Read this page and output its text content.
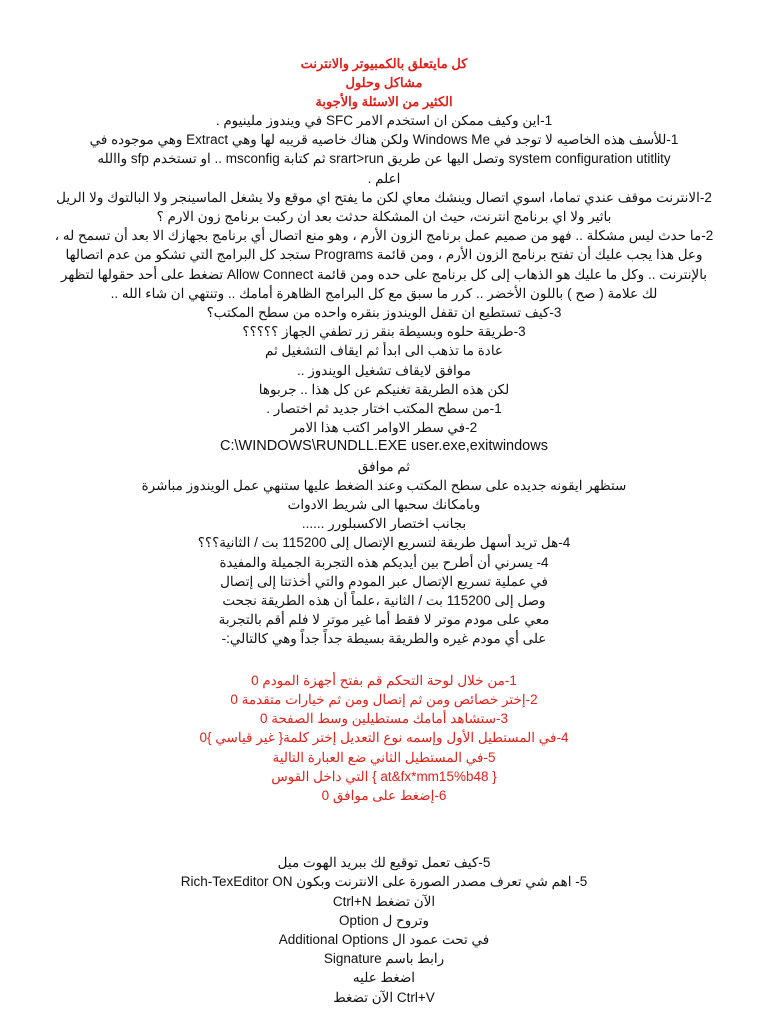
كل مايتعلق بالكمبيوتر والانترنت
مشاكل وحلول
الكثير من الاسئلة والأجوبة
1-اين وكيف ممكن ان استخدم الامر SFC في ويندوز ملينيوم .
1-للأسف هذه الخاصيه لا توجد في Windows Me ولكن هناك خاصيه قريبه لها وهي Extract وهي موجوده في
system configuration utitlity وتصل اليها عن طريق srart>run ثم كتابة msconfig .. او تستخدم sfp واالله
اعلم .
2-الانترنت موقف عندي تماما، اسوي اتصال وينشك معاي لكن ما يفتح اي موقع ولا يشغل الماسينجر ولا البالتوك ولا الريل
باثير ولا اي برنامج انترنت، حيث ان المشكلة حدثت بعد ان ركبت برنامج زون الارم ؟
2-ما حدث ليس مشكلة .. فهو من صميم عمل برنامج الزون الأرم ، وهو منع اتصال أي برنامج بجهازك الا بعد أن تسمح له ،
وعل هذا يجب عليك أن تفتح برنامج الزون الأرم ، ومن قائمة Programs ستجد كل البرامج التي تشكو من عدم اتصالها
بالإنترنت .. وكل ما عليك هو الذهاب إلى كل برنامج على حده ومن قائمة Allow Connect تضغط على أحد حقولها لتظهر
لك علامة ( صح ) باللون الأخضر .. كرر ما سبق مع كل البرامج الظاهرة أمامك .. وتنتهي ان شاء الله ..
3-كيف تستطيع ان تقفل الويندوز بنقره واحده من سطح المكتب؟
3-طريقة حلوه وبسيطة بنقر زر تطفي الجهاز ؟؟؟؟؟
عادة ما تذهب الى ابدأ ثم ايقاف التشغيل ثم
موافق لايقاف تشغيل الويندوز ..
لكن هذه الطريقة تغنيكم عن كل هذا .. جربوها
1-من سطح المكتب اختار جديد ثم اختصار .
2-في سطر الاوامر اكتب هذا الامر
C:\WINDOWS\RUNDLL.EXE user.exe,exitwindows
ثم موافق
ستظهر ايقونه جديده على سطح المكتب وعند الضغط عليها ستنهي عمل الويندوز مباشرة
وبامكانك سحبها الى شريط الادوات
بجانب اختصار الاكسبلورر ......
4-هل تريد أسهل طريقة لتسريع الإتصال إلى 115200 بت / الثانية؟؟؟
4- يسرني أن أطرح بين أيديكم هذه التجربة الجميلة والمفيدة
في عملية تسريع الإتصال عبر المودم والتي أخذتنا إلى إتصال
وصل إلى 115200 بت / الثانية ،علماً أن هذه الطريقة نجحت
معي على مودم موتر لا فقط أما غير موتر لا فلم أقم بالتجربة
على أي مودم غيره والطريقة بسيطة جداً جداً وهي كالتالي:-
1-من خلال لوحة التحكم قم بفتح أجهزة المودم 0
2-إختر خصائص ومن ثم إتصال ومن ثم خيارات متقدمة 0
3-ستشاهد أمامك مستطيلين وسط الصفحة 0
4-في المستطيل الأول وإسمه نوع التعديل إختر كلمة{ غير قياسي }0
5-في المستطيل الثاني ضع العبارة التالية
{ at&fx*mm15%b48 } التي داخل القوس
6-إضغط على موافق 0
5-كيف تعمل توقيع لك ببريد الهوت ميل
5- اهم شي تعرف مصدر الصورة على الانترنت وبكون Rich-TexEditor ON
الآن تضغط Ctrl+N
وتروح ل Option
في تحت عمود ال Additional Options
رابط باسم Signature
اضغط عليه
Ctrl+V الآن تضغط
